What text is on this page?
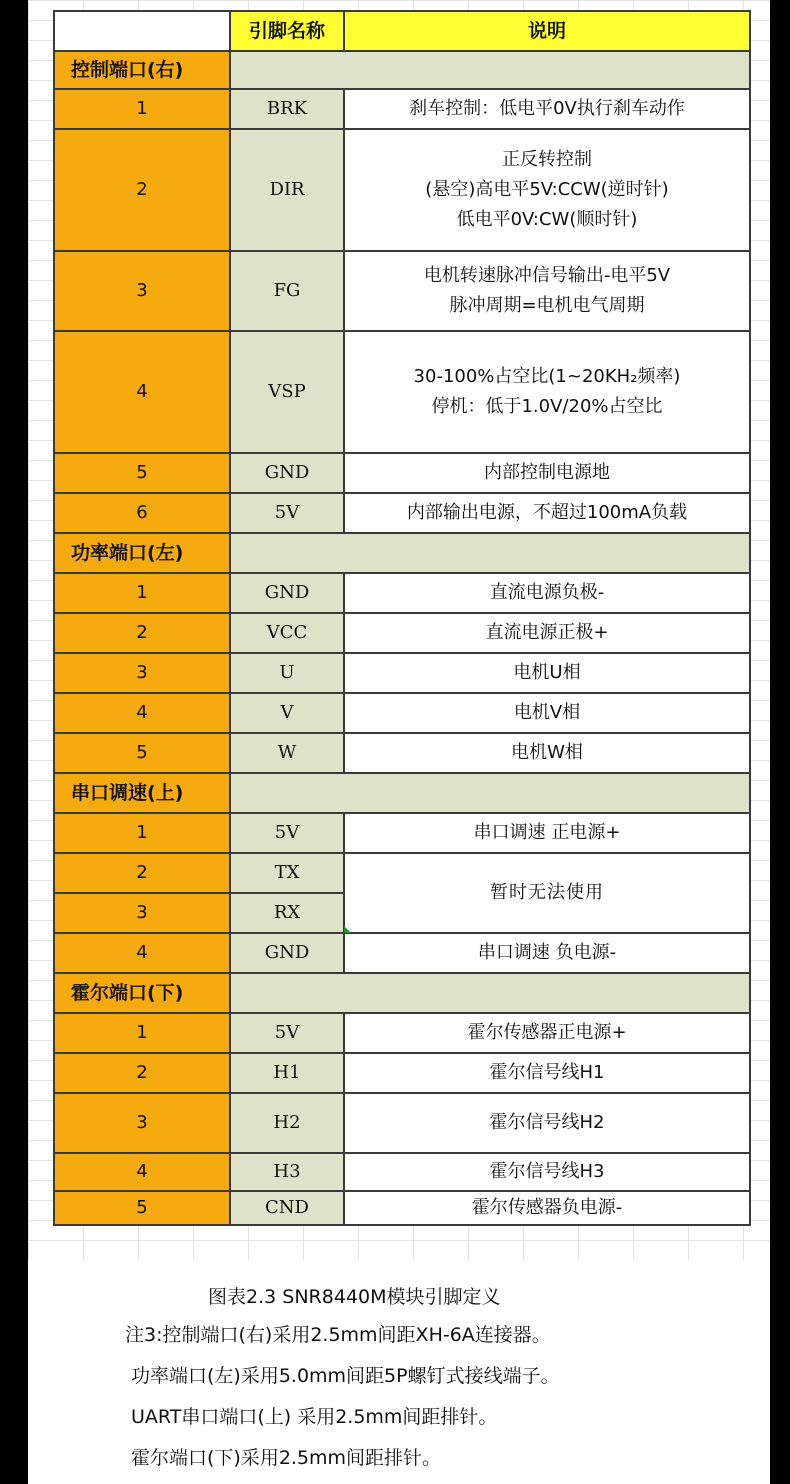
	引脚名称	说明
控制端口(右)		
1	BRK	刹车控制：低电平0V执行刹车动作

2	DIR	正反转控制
(悬空)高电平5V:CCW(逆时针)
低电平0V:CW(顺时针)

3	FG	电机转速脉冲信号输出-电平5V
脉冲周期=电机电气周期

4	VSP	30-100%占空比(1~20KH₂频率)
停机：低于1.0V/20%占空比

5	GND	内部控制电源地

6	5V	内部输出电源，不超过100mA负载

功率端口(左)		
1	GND	直流电源负极-

2	VCC	直流电源正极+

3	U	电机U相

4	V	电机V相

5	W	电机W相

串口调速(上)		
1	5V	串口调速 正电源+

2	TX	暂时无法使用

3	RX	
4	GND	串口调速 负电源-

霍尔端口(下)		
1	5V	霍尔传感器正电源+

2	H1	霍尔信号线H1

3	H2	霍尔信号线H2

4	H3	霍尔信号线H3

5	CND	霍尔传感器负电源-
图表2.3 SNR8440M模块引脚定义
注3:控制端口(右)采用2.5mm间距XH-6A连接器。
功率端口(左)采用5.0mm间距5P螺钉式接线端子。
UART串口端口(上) 采用2.5mm间距排针。
霍尔端口(下)采用2.5mm间距排针。
